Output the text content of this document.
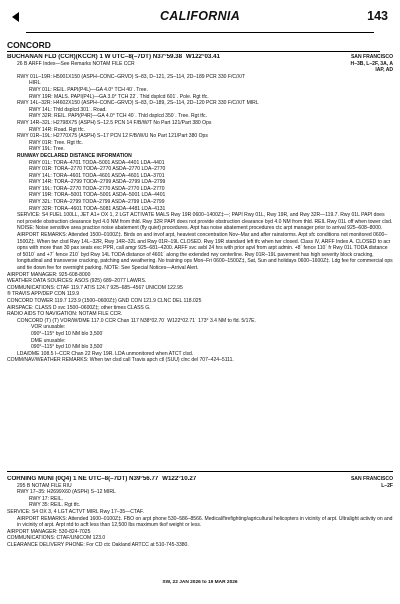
CALIFORNIA	143
CONCORD
BUCHANAN FLD (CCR)(KCCR) 1 W UTC–8(–7DT) N37°59.38´ W122°03.41´	SAN FRANCISCO
26 B ARFF Index—See Remarks NOTAM FILE CCR	H–3B, L–2F, 3A, A
IAP, AD
RWY 01L–19R: H5001X150 (ASPH–CONC–GRVD) S–83, D–121, 2S–114, 2D–189 PCR 330 F/C/X/T
HIRL
RWY 01L: REIL. PAPI(P4L)—GA 4.0° TCH 40´. Tree.
RWY 19R: MALS. PAPI(P4L)—GA 3.0° TCH 22´. Thld dsplcd 601´. Pole. Rgt tfc.
RWY 14L–32R: H4602X150 (ASPH–CONC–GRVD) S–83, D–189, 2S–114, 2D–120 PCR 330 F/C/X/T MIRL
RWY 14L: Thld dsplcd 301´. Road.
RWY 32R: REIL. PAPI(P4R)—GA 4.0° TCH 40´. Thld dsplcd 350´. Tree. Rgt tfc.
RWY 14R–32L: H2798X75 (ASPH) S–12.5 PCN 14 F/B/W/T No Part 121/Part 380 Ops
RWY 14R: Road. Rgt tfc.
RWY 01R–19L: H2770X75 (ASPH) S–17 PCN 12 F/B/W/U No Part 121/Part 380 Ops
RWY 01R: Tree. Rgt tfc.
RWY 19L: Tree.
RUNWAY DECLARED DISTANCE INFORMATION
RWY 01L: TORA–4701 TODA–5001 ASDA–4401 LDA–4401
RWY 01R: TORA–2770 TODA–2770 ASDA–2770 LDA–2770
RWY 14L: TORA–4601 TODA–4601 ASDA–4601 LDA–3701
RWY 14R: TORA–2799 TODA–2799 ASDA–2799 LDA–2799
RWY 19L: TORA–2770 TODA–2770 ASDA–2770 LDA–2770
RWY 19R: TORA–5001 TODA–5001 ASDA–5001 LDA–4401
RWY 32L: TORA–2799 TODA–2799 ASDA–2799 LDA–2799
RWY 32R: TORA–4601 TODA–5081 ASDA–4481 LDA–4131
SERVICE: S4 FUEL 100LL, JET A1+ OX 1, 2 LGT ACTIVATE MALS Rwy 19R 0600–1400Z‡—; PAPI Rwy 01L, Rwy 19R, and Rwy 32R—119.7. Rwy 01L PAPI does not provide obstruction clearance byd 4.0 NM from thld. Rwy 32R PAPI does not provide obstruction clearance byd 4.0 NM from thld. REIL Rwy 01L off when tower clsd.
NOISE: Noise sensitive area practice noise abatement (fly quiet) procedures. Arpt has noise abatement procedures ctc arpt manager prior to arrival 925–608–8000.
AIRPORT REMARKS: Attended 1500–0100Z‡. Birds on and invof arpt, heaviest concentration Nov–Mar and after rainstorms. Arpt sfc conditions not monitored 0600–1500Z‡. When twr clsd Rwy 14L–32R, Rwy 14R–32L and Rwy 01R–19L CLOSED. Rwy 19R standard left tfc when twr closed. Class IV, ARFF Index A. CLOSED to acr opns with more than 30 pax seats exc PPR, call amgr 925–681–4200. ARFF svc avbl 24 hrs with prior apvl from arpt admin. +8´ fence 110´ fr Rwy 01L TODA distance of 5010´ and +7´ fence 210´ byd Rwy 14L TODA distance of 4601´ along the extended rwy centerline. Rwy 01R–19L pavement has high severity block cracking, longitudinal and transverse cracking, patching and weathering. No training ops Mon–Fri 0600–1500Z‡, Sat, Sun and holidays 0600–1600Z‡. Ldg fee for commercial ops and tie down fee for overnight parking. NOTE: See Special Notices—Arrival Alert.
AIRPORT MANAGER: 925-608-8000
WEATHER DATA SOURCES: ASOS (925) 689–2077 LAWRS.
COMMUNICATIONS: CTAF 119.7 ATIS 124.7 925–685–4567 UNICOM 122.95
® TRAVIS APP/DEP CON 119.9
CONCORD TOWER 119.7 123.9 (1500–0600Z‡) GND CON 121.9 CLNC DEL 118.025
AIRSPACE: CLASS D svc 1500–0600Z‡; other times CLASS G.
RADIO AIDS TO NAVIGATION: NOTAM FILE CCR.
CONCORD (T) (T) VOR/W/DME 117.0 CCR Chan 117 N38°02.70´ W122°02.71´ 173° 3.4 NM to fld. 5/17E.
VOR unusable:
090°–115° byd 10 NM blo 3,500´
DME unusable:
090°–115° byd 10 NM blo 3,500´
LDA/DME 108.5 I–CCR Chan 22 Rwy 19R. LDA unmonitored when ATCT clsd.
COMM/NAV/WEATHER REMARKS: When twr clsd call Travis apch ctl (SUU) clnc del 707–424–5111.
CORNING MUNI (0Q4) 1 NE UTC–8(–7DT) N39°56.77´ W122°10.27´	SAN FRANCISCO
295 B NOTAM FILE RIU	L–2F
RWY 17–35: H2699X60 (ASPH) S–12 MIRL
RWY 17: REIL.
RWY 35: REIL. Rgt tfc.
SERVICE: S4 OX 3, 4 LGT ACTVT MIRL Rwy 17–35—CTAF.
AIRPORT REMARKS: Attended 1600–0100Z‡. FBO on arpt phone 530–586–8566. Medical/firefighting/agricultural helicopters in vicinity of arpt. Ultralight activity on and in vicinity of arpt. Arpt ntd to acft less than 12,500 lbs maximum tkof weight or less.
AIRPORT MANAGER: 530-824-7025
COMMUNICATIONS: CTAF/UNICOM 123.0
CLEARANCE DELIVERY PHONE: For CD ctc Oakland ARTCC at 510-745-3380.
SW, 22 JAN 2026 to 19 MAR 2026
